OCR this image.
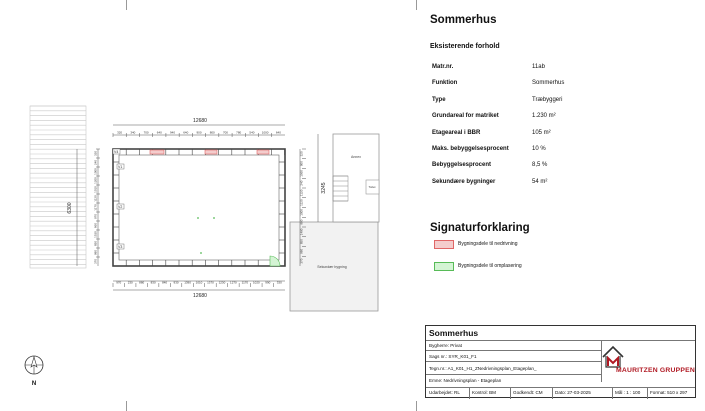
320	340	700	640	940	640	900	800	700	780	540 1000 640
970 230 880 830 840 930 1390 1010 1370 1230 1270 1170 1020 990 330
330
240
1000
1200
1010
1120
1170
970
860
1530
850
980
370
320
900
1060
240
1120
1120
1000
990
1490
850
980
370
12680
12680
6300
3245
V1
V2
V3
V4
Annex
Toilet
Sekundær bygning
Sommerhus
Eksisterende forhold
Matr.nr.	11ab
Funktion	Sommerhus
Type	Træbyggeri
Grundareal for matriket	1.230 m²
Etageareal i BBR	105 m²
Maks. bebyggelsesprocent	10 %
Bebyggelsesprocent	8,5 %
Sekundære bygninger	54 m²
Signaturforklaring
Bygningsdele til nedrivning
Bygningsdele til omplasering
Sommerhus
Bygherre: Privat
Sags nr.: SYR_K01_F1
Tegn.nr.: A1_K01_H1_ZNedrivningsplan_Etageplan_
Emne: Nedrivningsplan - Etageplan
MAURITZEN GRUPPEN
Udarbejdet: RL	Kontrol: BM	Godkendt: CM	Dato: 27-03-2025	Mål : 1 : 100 Format: 510 x 297
N
